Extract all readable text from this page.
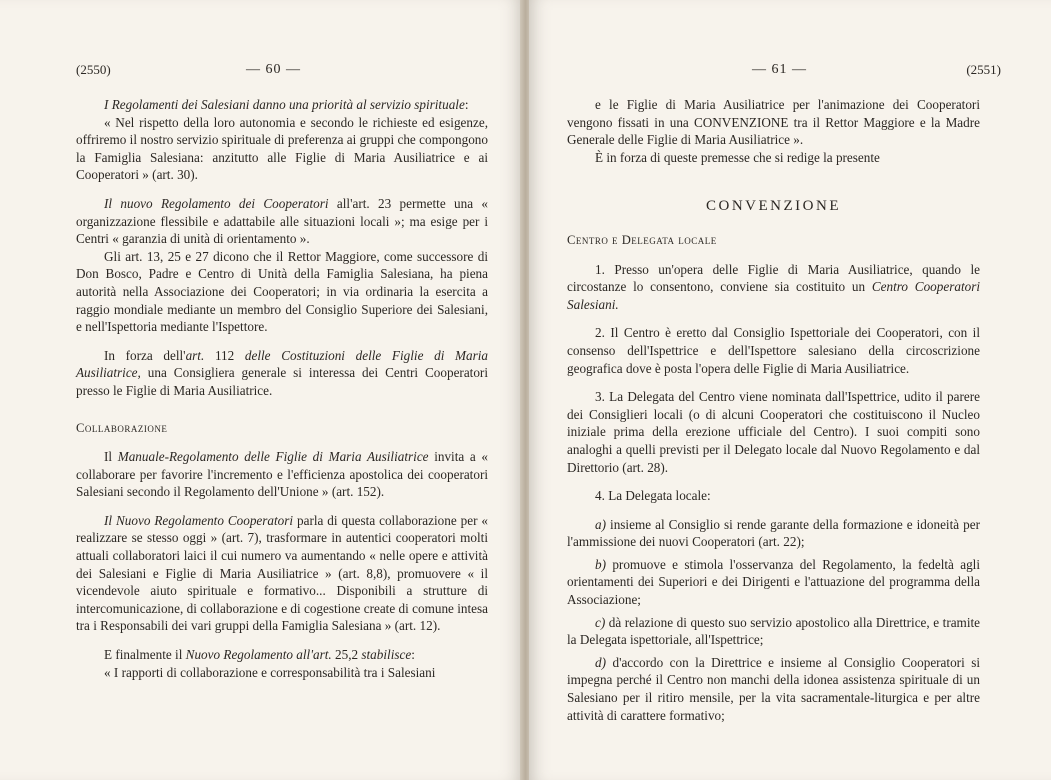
(2550)	— 60 —

I Regolamenti dei Salesiani danno una priorità al servizio spirituale:

« Nel rispetto della loro autonomia e secondo le richieste ed esigenze, offriremo il nostro servizio spirituale di preferenza ai gruppi che compongono la Famiglia Salesiana: anzitutto alle Figlie di Maria Ausiliatrice e ai Cooperatori » (art. 30).

Il nuovo Regolamento dei Cooperatori all'art. 23 permette una « organizzazione flessibile e adattabile alle situazioni locali »; ma esige per i Centri « garanzia di unità di orientamento ».

Gli art. 13, 25 e 27 dicono che il Rettor Maggiore, come successore di Don Bosco, Padre e Centro di Unità della Famiglia Salesiana, ha piena autorità nella Associazione dei Cooperatori; in via ordinaria la esercita a raggio mondiale mediante un membro del Consiglio Superiore dei Salesiani, e nell'Ispettoria mediante l'Ispettore.

In forza dell'art. 112 delle Costituzioni delle Figlie di Maria Ausiliatrice, una Consigliera generale si interessa dei Centri Cooperatori presso le Figlie di Maria Ausiliatrice.

Collaborazione

Il Manuale-Regolamento delle Figlie di Maria Ausiliatrice invita a « collaborare per favorire l'incremento e l'efficienza apostolica dei cooperatori Salesiani secondo il Regolamento dell'Unione » (art. 152).

Il Nuovo Regolamento Cooperatori parla di questa collaborazione per « realizzare se stesso oggi » (art. 7), trasformare in autentici cooperatori molti attuali collaboratori laici il cui numero va aumentando « nelle opere e attività dei Salesiani e Figlie di Maria Ausiliatrice » (art. 8,8), promuovere « il vicendevole aiuto spirituale e formativo... Disponibili a strutture di intercomunicazione, di collaborazione e di cogestione create di comune intesa tra i Responsabili dei vari gruppi della Famiglia Salesiana » (art. 12).

E finalmente il Nuovo Regolamento all'art. 25,2 stabilisce:

« I rapporti di collaborazione e corresponsabilità tra i Salesiani

— 61 —	(2551)

e le Figlie di Maria Ausiliatrice per l'animazione dei Cooperatori vengono fissati in una CONVENZIONE tra il Rettor Maggiore e la Madre Generale delle Figlie di Maria Ausiliatrice ».

È in forza di queste premesse che si redige la presente

CONVENZIONE

Centro e Delegata locale

1. Presso un'opera delle Figlie di Maria Ausiliatrice, quando le circostanze lo consentono, conviene sia costituito un Centro Cooperatori Salesiani.

2. Il Centro è eretto dal Consiglio Ispettoriale dei Cooperatori, con il consenso dell'Ispettrice e dell'Ispettore salesiano della circoscrizione geografica dove è posta l'opera delle Figlie di Maria Ausiliatrice.

3. La Delegata del Centro viene nominata dall'Ispettrice, udito il parere dei Consiglieri locali (o di alcuni Cooperatori che costituiscono il Nucleo iniziale prima della erezione ufficiale del Centro). I suoi compiti sono analoghi a quelli previsti per il Delegato locale dal Nuovo Regolamento e dal Direttorio (art. 28).

4. La Delegata locale:

a) insieme al Consiglio si rende garante della formazione e idoneità per l'ammissione dei nuovi Cooperatori (art. 22);

b) promuove e stimola l'osservanza del Regolamento, la fedeltà agli orientamenti dei Superiori e dei Dirigenti e l'attuazione del programma della Associazione;

c) dà relazione di questo suo servizio apostolico alla Direttrice, e tramite la Delegata ispettoriale, all'Ispettrice;

d) d'accordo con la Direttrice e insieme al Consiglio Cooperatori si impegna perché il Centro non manchi della idonea assistenza spirituale di un Salesiano per il ritiro mensile, per la vita sacramentale-liturgica e per altre attività di carattere formativo;
